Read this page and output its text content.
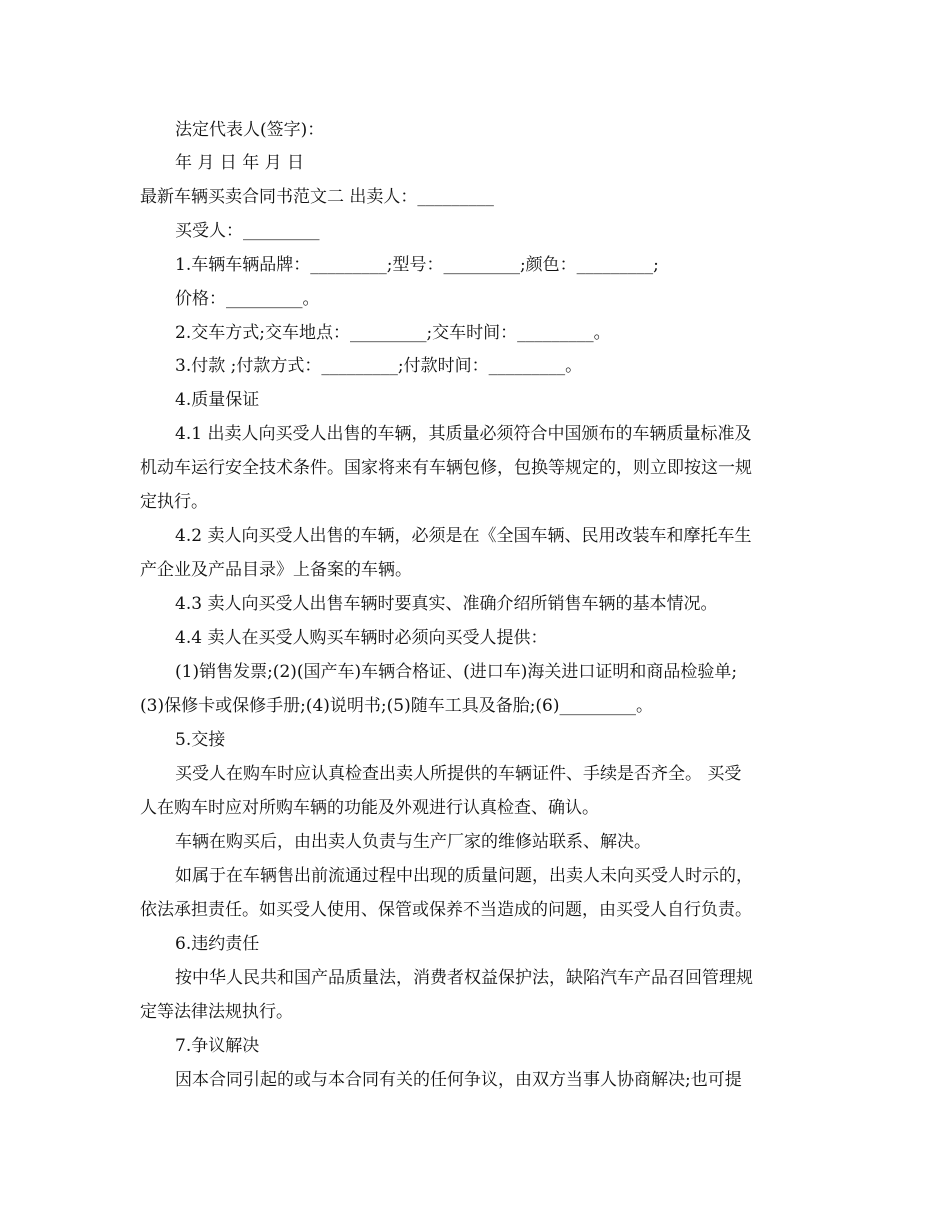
法定代表人(签字)：
年 月 日 年 月 日
最新车辆买卖合同书范文二 出卖人：_________
买受人：_________
1.车辆车辆品牌：_________;型号：_________;颜色：_________;
价格：_________。
2.交车方式;交车地点：_________;交车时间：_________。
3.付款 ;付款方式：_________;付款时间：_________。
4.质量保证
4.1 出卖人向买受人出售的车辆，其质量必须符合中国颁布的车辆质量标准及
机动车运行安全技术条件。国家将来有车辆包修，包换等规定的，则立即按这一规
定执行。
4.2 卖人向买受人出售的车辆，必须是在《全国车辆、民用改装车和摩托车生
产企业及产品目录》上备案的车辆。
4.3 卖人向买受人出售车辆时要真实、准确介绍所销售车辆的基本情况。
4.4 卖人在买受人购买车辆时必须向买受人提供：
(1)销售发票;(2)(国产车)车辆合格证、(进口车)海关进口证明和商品检验单;
(3)保修卡或保修手册;(4)说明书;(5)随车工具及备胎;(6)_________。
5.交接
买受人在购车时应认真检查出卖人所提供的车辆证件、手续是否齐全。 买受
人在购车时应对所购车辆的功能及外观进行认真检查、确认。
车辆在购买后，由出卖人负责与生产厂家的维修站联系、解决。
如属于在车辆售出前流通过程中出现的质量问题，出卖人未向买受人时示的，
依法承担责任。如买受人使用、保管或保养不当造成的问题，由买受人自行负责。
6.违约责任
按中华人民共和国产品质量法，消费者权益保护法，缺陷汽车产品召回管理规
定等法律法规执行。
7.争议解决
因本合同引起的或与本合同有关的任何争议，由双方当事人协商解决;也可提
